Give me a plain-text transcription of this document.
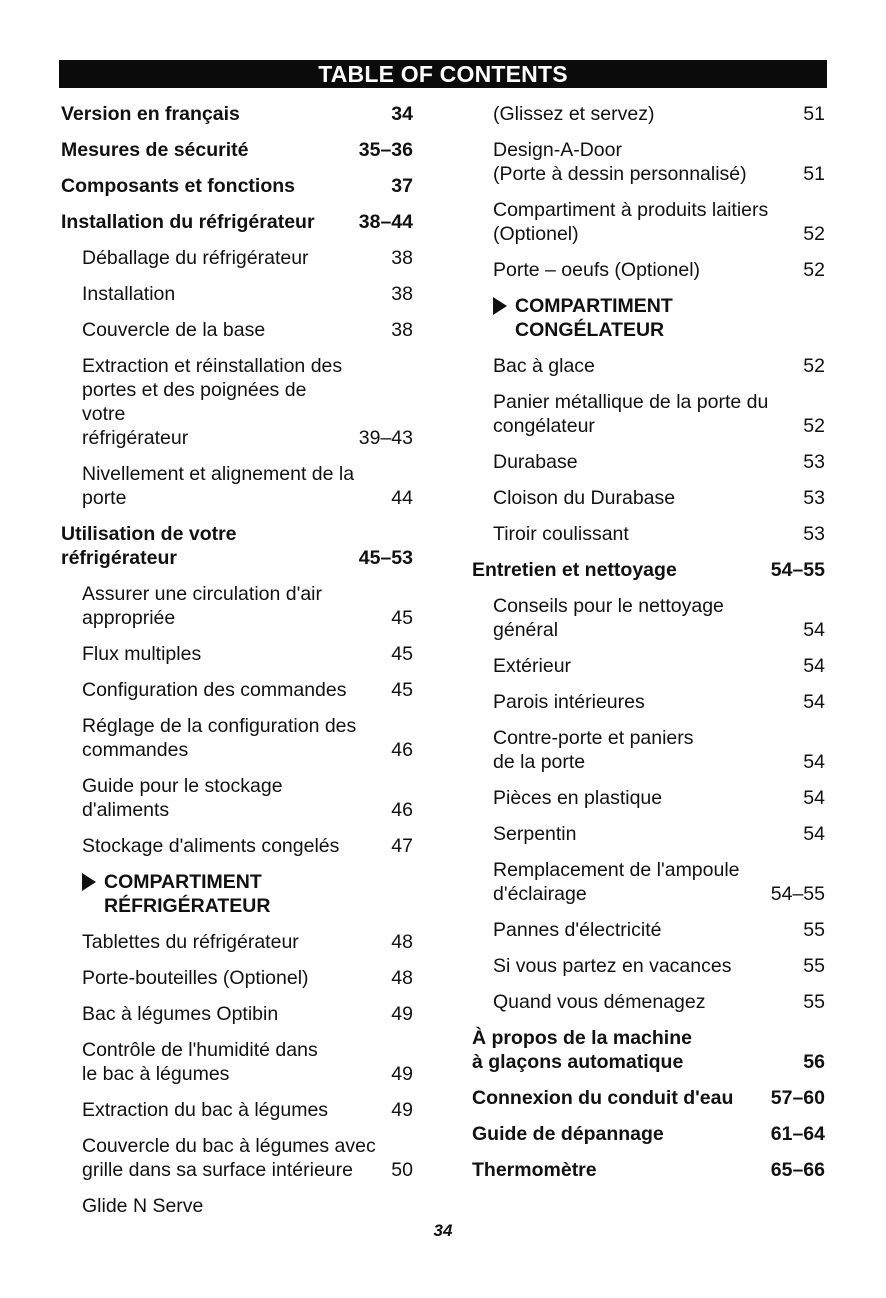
TABLE OF CONTENTS
Version en français	34
Mesures de sécurité	35–36
Composants et fonctions	37
Installation du réfrigérateur	38–44
Déballage du réfrigérateur	38
Installation	38
Couvercle de la base	38
Extraction et réinstallation des
portes et des poignées de votre
réfrigérateur	39–43
Nivellement et alignement de la
porte	44
Utilisation de votre
réfrigérateur	45–53
Assurer une circulation d'air
appropriée	45
Flux multiples	45
Configuration des commandes	45
Réglage de la configuration des
commandes	46
Guide pour le stockage
d'aliments	46
Stockage d'aliments congelés	47
COMPARTIMENT
RÉFRIGÉRATEUR
Tablettes du réfrigérateur	48
Porte-bouteilles (Optionel)	48
Bac à légumes Optibin	49
Contrôle de l'humidité dans
le bac à légumes	49
Extraction du bac à légumes	49
Couvercle du bac à légumes avec
grille dans sa surface intérieure	50
Glide N Serve
(Glissez et servez)	51
Design-A-Door
(Porte à dessin personnalisé)	51
Compartiment à produits laitiers
(Optionel)	52
Porte – oeufs (Optionel)	52
COMPARTIMENT
CONGÉLATEUR
Bac à glace	52
Panier métallique de la porte du
congélateur	52
Durabase	53
Cloison du Durabase	53
Tiroir coulissant	53
Entretien et nettoyage	54–55
Conseils pour le nettoyage
général	54
Extérieur	54
Parois intérieures	54
Contre-porte et paniers
de la porte	54
Pièces en plastique	54
Serpentin	54
Remplacement de l'ampoule
d'éclairage	54–55
Pannes d'électricité	55
Si vous partez en vacances	55
Quand vous démenagez	55
À propos de la machine
à glaçons automatique	56
Connexion du conduit d'eau	57–60
Guide de dépannage	61–64
Thermomètre	65–66
34
